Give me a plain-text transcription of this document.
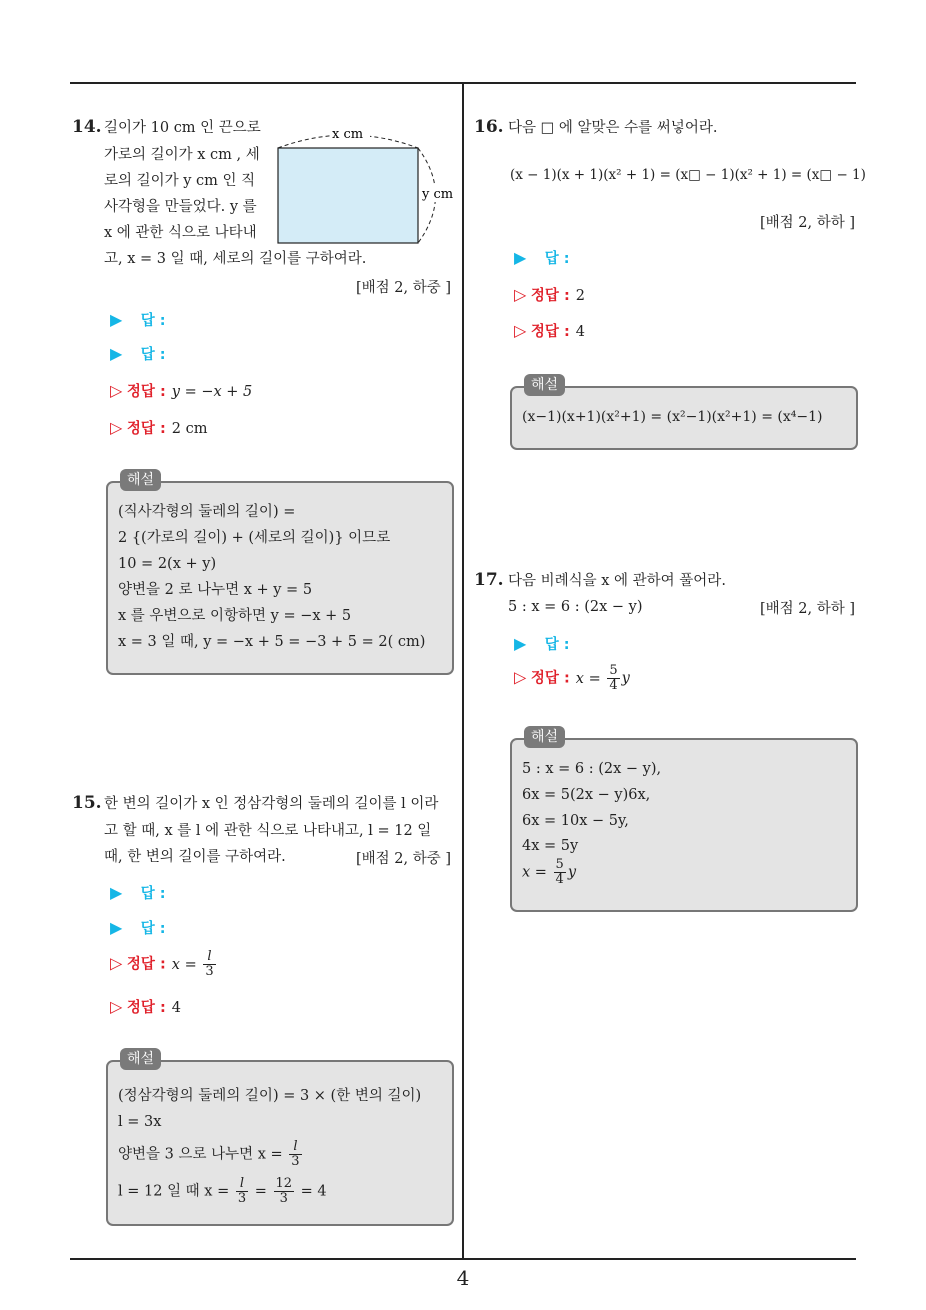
4
14. 길이가 10 cm 인 끈으로
가로의 길이가 x cm , 세
로의 길이가 y cm 인 직
사각형을 만들었다. y 를
x 에 관한 식으로 나타내
고, x = 3 일 때, 세로의 길이를 구하여라.
[배점 2, 하중 ]
x cm
y cm
▶ 답 :
▶ 답 :
▷ 정답 : y = −x + 5
▷ 정답 : 2 cm
해설
(직사각형의 둘레의 길이) =
2 {(가로의 길이) + (세로의 길이)} 이므로
10 = 2(x + y)
양변을 2 로 나누면 x + y = 5
x 를 우변으로 이항하면 y = −x + 5
x = 3 일 때, y = −x + 5 = −3 + 5 = 2( cm)
15. 한 변의 길이가 x 인 정삼각형의 둘레의 길이를 l 이라
고 할 때, x 를 l 에 관한 식으로 나타내고, l = 12 일
때, 한 변의 길이를 구하여라.	[배점 2, 하중 ]
▶ 답 :
▶ 답 :
▷ 정답 : $x = \frac{l}{3}$
▷ 정답 : 4
해설
(정삼각형의 둘레의 길이) = 3 × (한 변의 길이)
l = 3x
양변을 3 으로 나누면 $x = \frac{l}{3}$
l = 12 일 때 $x = \frac{l}{3} = \frac{12}{3} = 4$
16. 다음 □ 에 알맞은 수를 써넣어라.
(x − 1)(x + 1)(x² + 1) = (x□ − 1)(x² + 1) = (x□ − 1)
[배점 2, 하하 ]
▶ 답 :
▷ 정답 : 2
▷ 정답 : 4
해설
(x−1)(x+1)(x²+1) = (x²−1)(x²+1) = (x⁴−1)
17. 다음 비례식을 x 에 관하여 풀어라.
5 : x = 6 : (2x − y)	[배점 2, 하하 ]
▶ 답 :
▷ 정답 : $x = \frac{5}{4}$ y
해설
5 : x = 6 : (2x − y),
6x = 5(2x − y)6x,
6x = 10x − 5y,
4x = 5y
$x = \frac{5}{4}$ y
